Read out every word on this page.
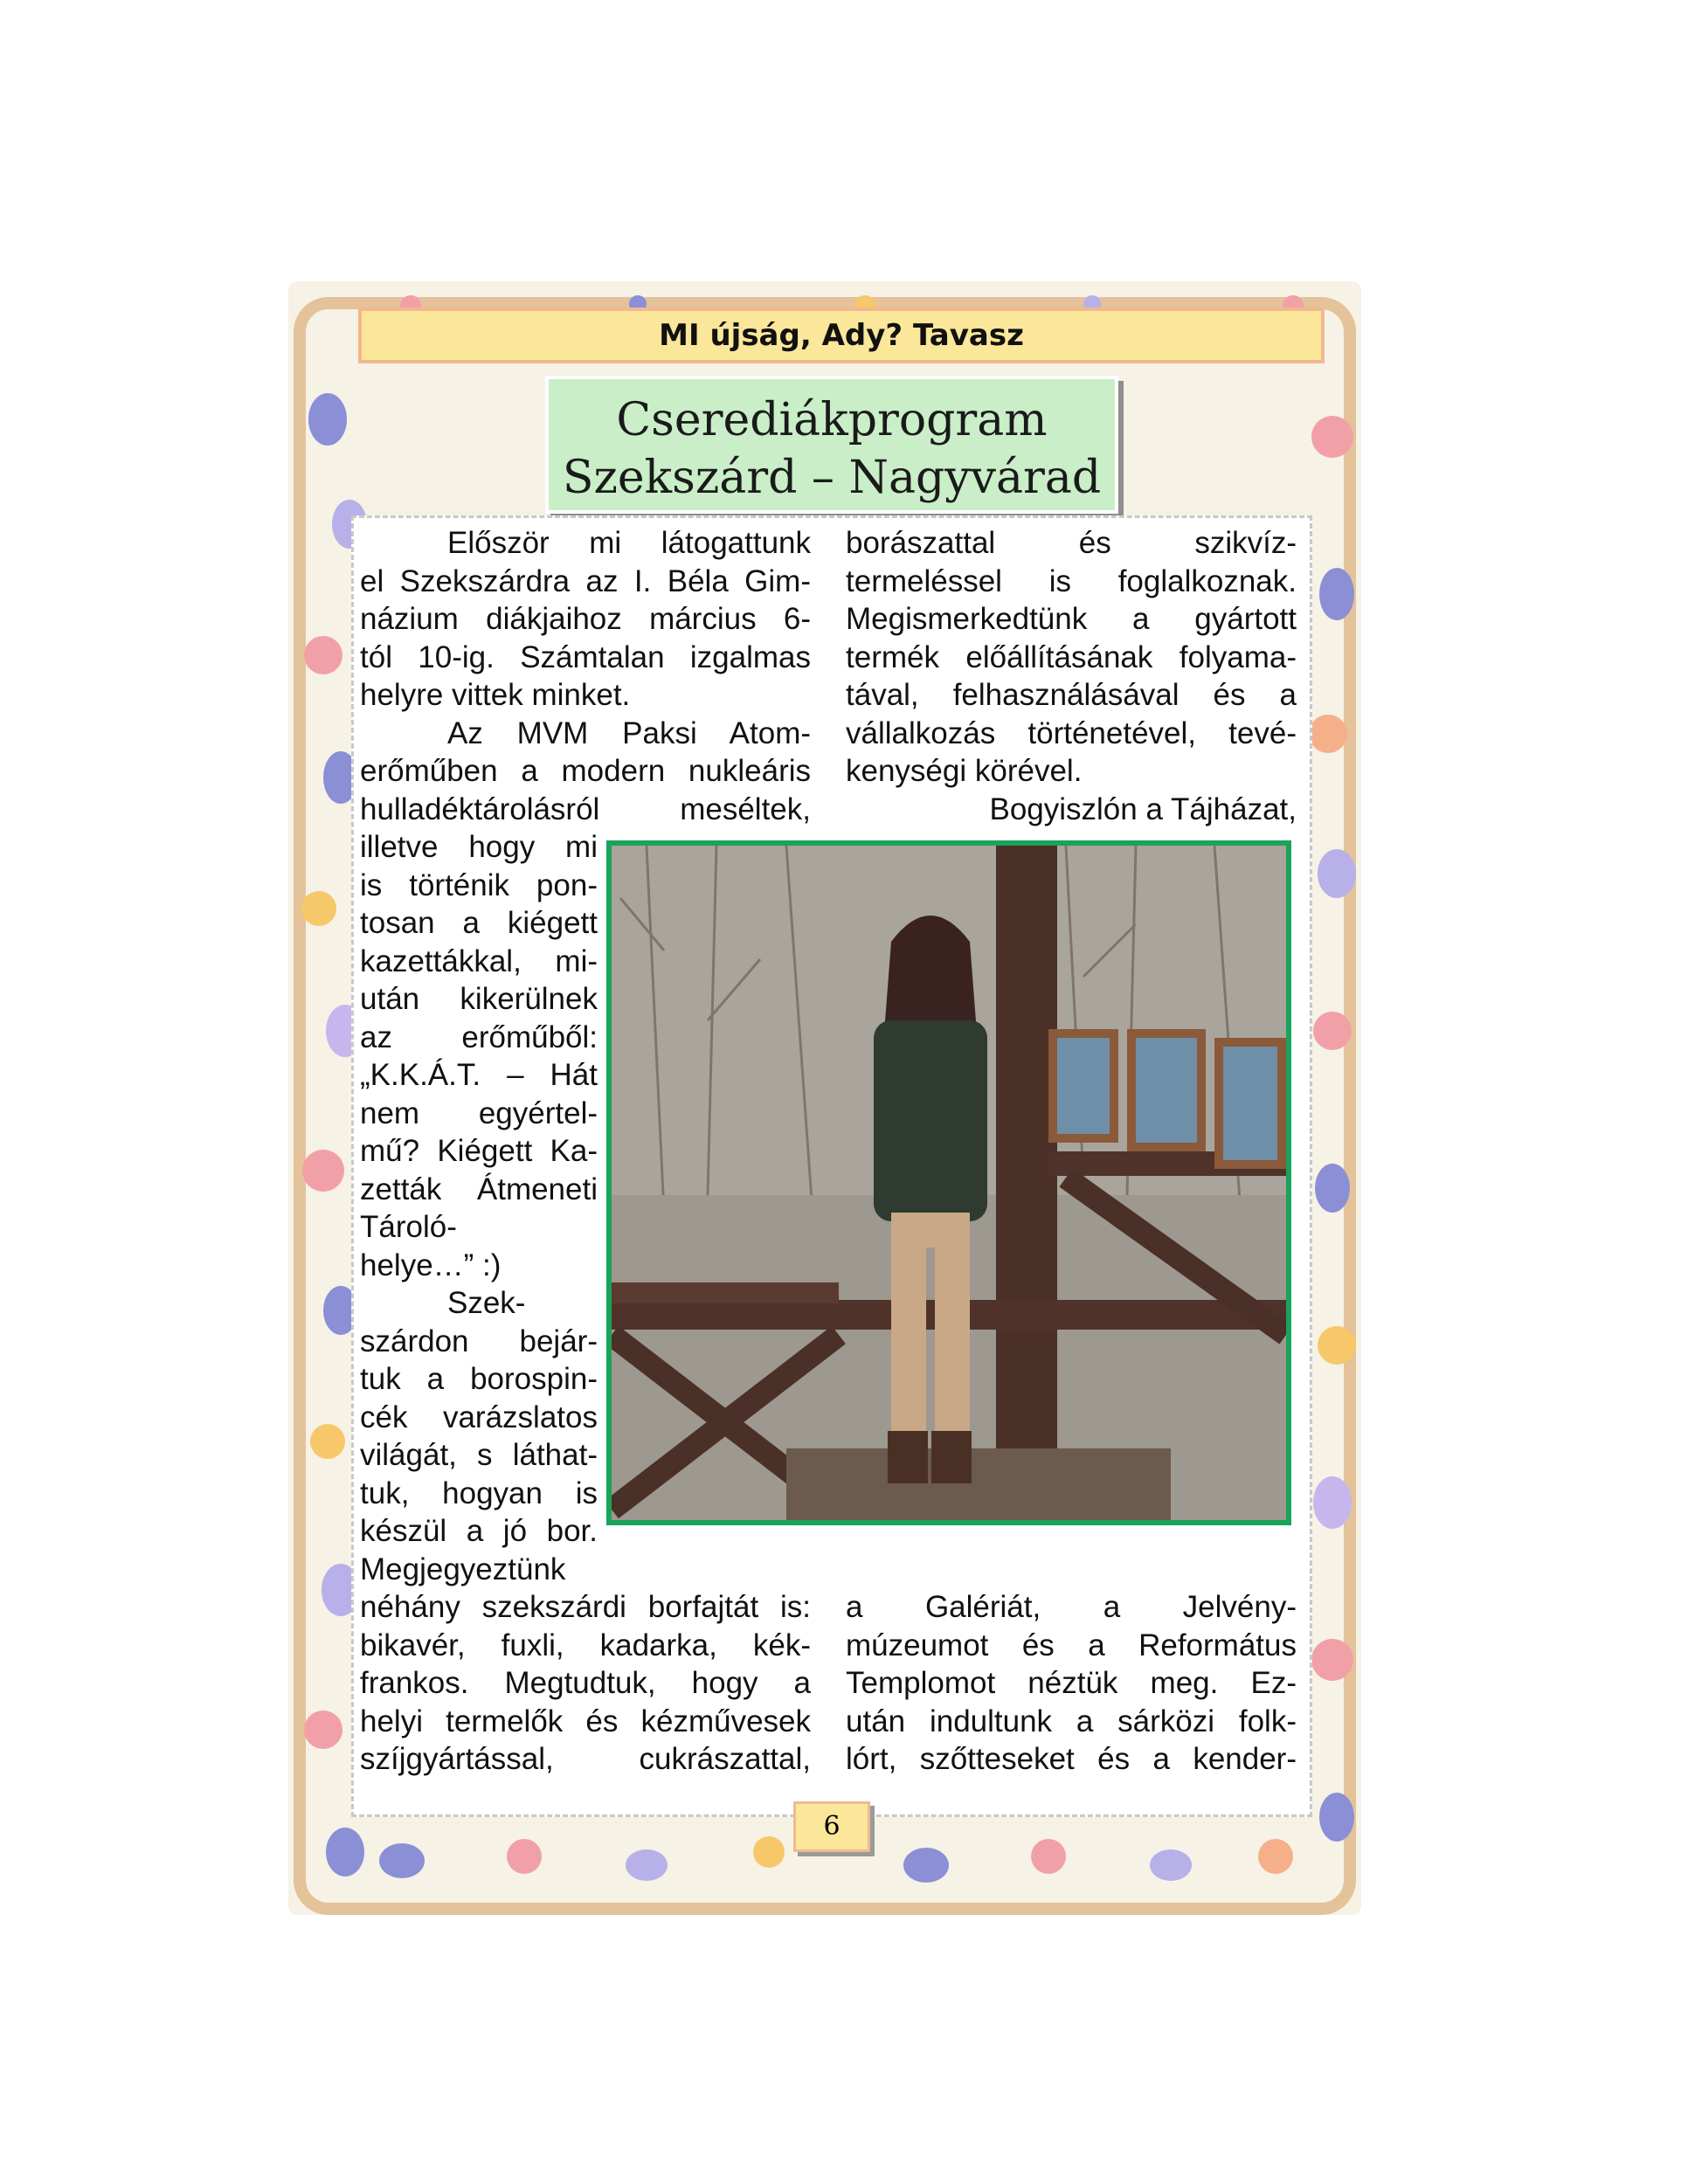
MI újság, Ady? Tavasz
Cserediákprogram
Szekszárd – Nagyvárad
Először mi látogattunk
el Szekszárdra az I. Béla Gim-
názium diákjaihoz március 6-
tól 10-ig. Számtalan izgalmas
helyre vittek minket.
Az MVM Paksi Atom-
erőműben a modern nukleáris
hulladéktárolásról meséltek,
illetve hogy mi
is történik pon-
tosan a kiégett
kazettákkal, mi-
után kikerülnek
az erőműből:
„K.K.Á.T. – Hát
nem egyértel-
mű? Kiégett Ka-
zetták Átmeneti
Tároló-
helye…” :)
Szek-
szárdon bejár-
tuk a borospin-
cék varázslatos
világát, s láthat-
tuk, hogyan is
készül a jó bor.
Megjegyeztünk
néhány szekszárdi borfajtát is:
bikavér, fuxli, kadarka, kék-
frankos. Megtudtuk, hogy a
helyi termelők és kézművesek
szíjgyártással, cukrászattal,
borászattal és szikvíz-
termeléssel is foglalkoznak.
Megismerkedtünk a gyártott
termék előállításának folyama-
tával, felhasználásával és a
vállalkozás történetével, tevé-
kenységi körével.
Bogyiszlón a Tájházat,
a Galériát, a Jelvény-
múzeumot és a Református
Templomot néztük meg. Ez-
után indultunk a sárközi folk-
lórt, szőtteseket és a kender-
6
